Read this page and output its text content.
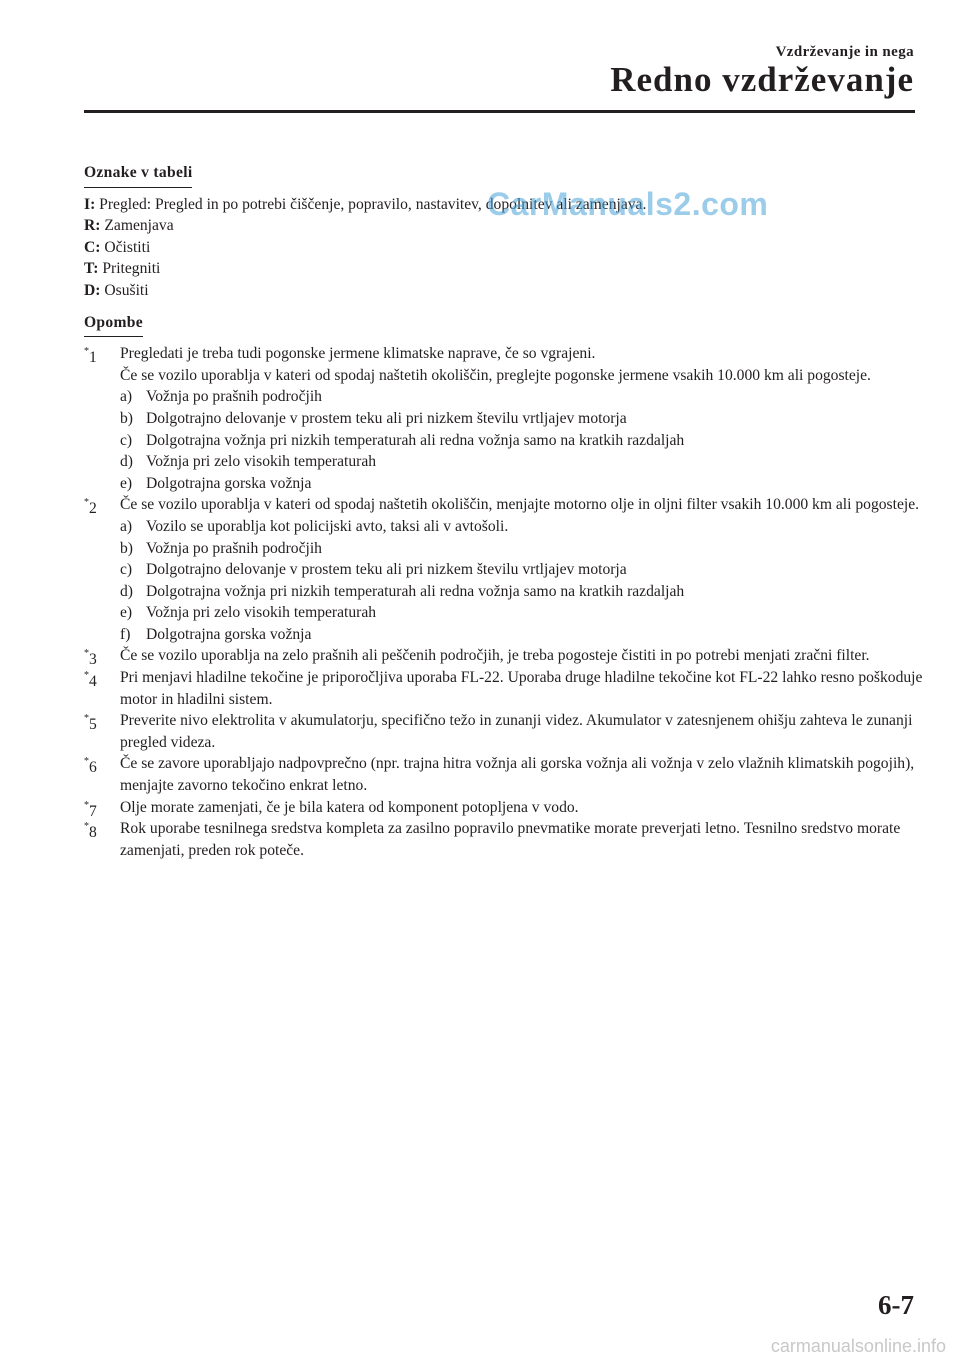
Vzdrževanje in nega
Redno vzdrževanje
Oznake v tabeli
I: Pregled: Pregled in po potrebi čiščenje, popravilo, nastavitev, dopolnitev ali zamenjava.
R: Zamenjava
C: Očistiti
T: Pritegniti
D: Osušiti
Opombe
*1 Pregledati je treba tudi pogonske jermene klimatske naprave, če so vgrajeni.
Če se vozilo uporablja v kateri od spodaj naštetih okoliščin, preglejte pogonske jermene vsakih 10.000 km ali pogosteje.
a) Vožnja po prašnih področjih
b) Dolgotrajno delovanje v prostem teku ali pri nizkem številu vrtljajev motorja
c) Dolgotrajna vožnja pri nizkih temperaturah ali redna vožnja samo na kratkih razdaljah
d) Vožnja pri zelo visokih temperaturah
e) Dolgotrajna gorska vožnja
*2 Če se vozilo uporablja v kateri od spodaj naštetih okoliščin, menjajte motorno olje in oljni filter vsakih 10.000 km ali pogosteje.
a) Vozilo se uporablja kot policijski avto, taksi ali v avtošoli.
b) Vožnja po prašnih področjih
c) Dolgotrajno delovanje v prostem teku ali pri nizkem številu vrtljajev motorja
d) Dolgotrajna vožnja pri nizkih temperaturah ali redna vožnja samo na kratkih razdaljah
e) Vožnja pri zelo visokih temperaturah
f) Dolgotrajna gorska vožnja
*3 Če se vozilo uporablja na zelo prašnih ali peščenih področjih, je treba pogosteje čistiti in po potrebi menjati zračni filter.
*4 Pri menjavi hladilne tekočine je priporočljiva uporaba FL-22. Uporaba druge hladilne tekočine kot FL-22 lahko resno poškoduje motor in hladilni sistem.
*5 Preverite nivo elektrolita v akumulatorju, specifično težo in zunanji videz. Akumulator v zatesnjenem ohišju zahteva le zunanji pregled videza.
*6 Če se zavore uporabljajo nadpovprečno (npr. trajna hitra vožnja ali gorska vožnja ali vožnja v zelo vlažnih klimatskih pogojih), menjajte zavorno tekočino enkrat letno.
*7 Olje morate zamenjati, če je bila katera od komponent potopljena v vodo.
*8 Rok uporabe tesnilnega sredstva kompleta za zasilno popravilo pnevmatike morate preverjati letno. Tesnilno sredstvo morate zamenjati, preden rok poteče.
CarManuals2.com
6-7
carmanualsonline.info
